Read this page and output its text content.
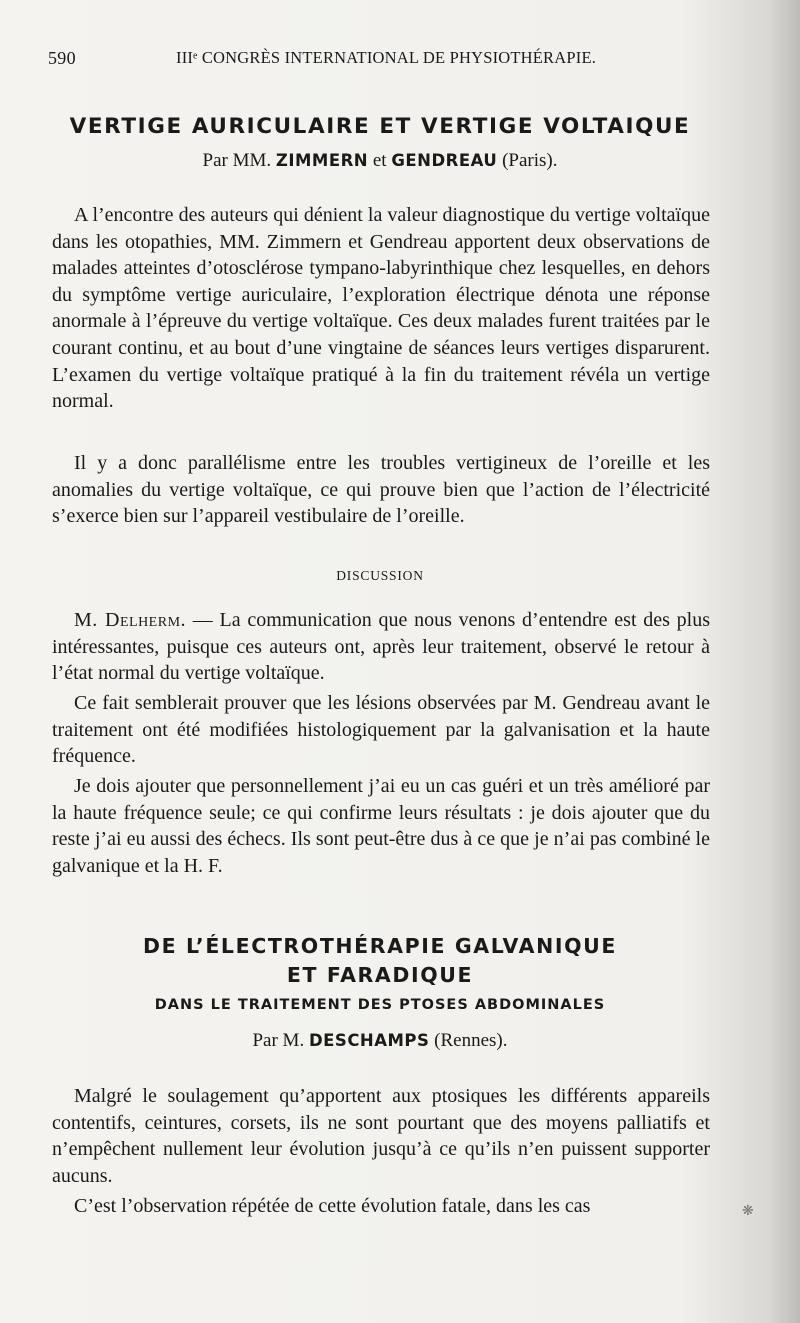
590	IIIᵉ CONGRÈS INTERNATIONAL DE PHYSIOTHÉRAPIE.
VERTIGE AURICULAIRE ET VERTIGE VOLTAIQUE
Par MM. ZIMMERN et GENDREAU (Paris).

A l’encontre des auteurs qui dénient la valeur diagnostique du vertige voltaïque dans les otopathies, MM. Zimmern et Gendreau apportent deux observations de malades atteintes d’otosclérose tympano-labyrinthique chez lesquelles, en dehors du symptôme vertige auriculaire, l’exploration électrique dénota une réponse anormale à l’épreuve du vertige voltaïque. Ces deux malades furent traitées par le courant continu, et au bout d’une vingtaine de séances leurs vertiges disparurent. L’examen du vertige voltaïque pratiqué à la fin du traitement révéla un vertige normal.

Il y a donc parallélisme entre les troubles vertigineux de l’oreille et les anomalies du vertige voltaïque, ce qui prouve bien que l’action de l’électricité s’exerce bien sur l’appareil vestibulaire de l’oreille.

DISCUSSION

M. Delherm. — La communication que nous venons d’entendre est des plus intéressantes, puisque ces auteurs ont, après leur traitement, observé le retour à l’état normal du vertige voltaïque.

Ce fait semblerait prouver que les lésions observées par M. Gendreau avant le traitement ont été modifiées histologiquement par la galvanisation et la haute fréquence.

Je dois ajouter que personnellement j’ai eu un cas guéri et un très amélioré par la haute fréquence seule; ce qui confirme leurs résultats : je dois ajouter que du reste j’ai eu aussi des échecs. Ils sont peut-être dus à ce que je n’ai pas combiné le galvanique et la H. F.

DE L’ÉLECTROTHÉRAPIE GALVANIQUE
ET FARADIQUE
DANS LE TRAITEMENT DES PTOSES ABDOMINALES
Par M. DESCHAMPS (Rennes).

Malgré le soulagement qu’apportent aux ptosiques les différents appareils contentifs, ceintures, corsets, ils ne sont pourtant que des moyens palliatifs et n’empêchent nullement leur évolution jusqu’à ce qu’ils n’en puissent supporter aucuns.

C’est l’observation répétée de cette évolution fatale, dans les cas	❋
